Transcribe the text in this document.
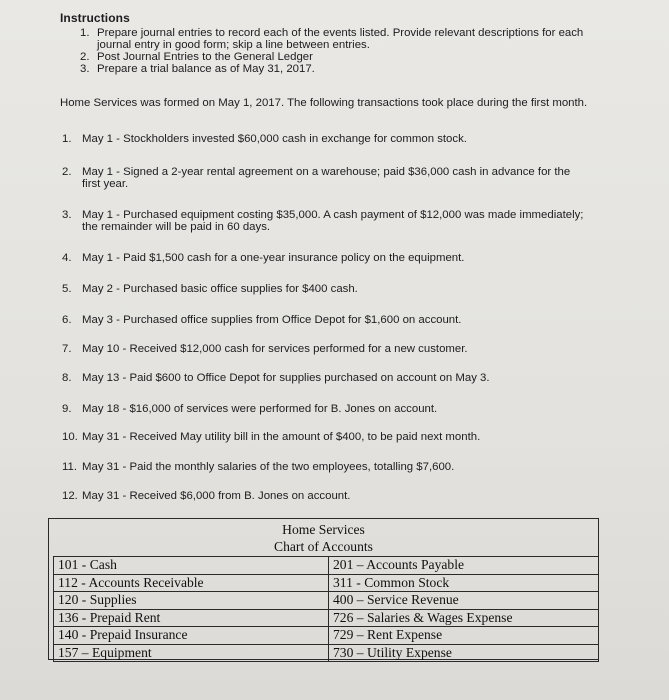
Instructions
1. Prepare journal entries to record each of the events listed. Provide relevant descriptions for each journal entry in good form; skip a line between entries.
2. Post Journal Entries to the General Ledger
3. Prepare a trial balance as of May 31, 2017.
Home Services was formed on May 1, 2017. The following transactions took place during the first month.
1. May 1 - Stockholders invested $60,000 cash in exchange for common stock.
2. May 1 - Signed a 2-year rental agreement on a warehouse; paid $36,000 cash in advance for the first year.
3. May 1 - Purchased equipment costing $35,000. A cash payment of $12,000 was made immediately; the remainder will be paid in 60 days.
4. May 1 - Paid $1,500 cash for a one-year insurance policy on the equipment.
5. May 2 - Purchased basic office supplies for $400 cash.
6. May 3 - Purchased office supplies from Office Depot for $1,600 on account.
7. May 10 - Received $12,000 cash for services performed for a new customer.
8. May 13 - Paid $600 to Office Depot for supplies purchased on account on May 3.
9. May 18 - $16,000 of services were performed for B. Jones on account.
10. May 31 - Received May utility bill in the amount of $400, to be paid next month.
11. May 31 - Paid the monthly salaries of the two employees, totalling $7,600.
12. May 31 - Received $6,000 from B. Jones on account.
Home Services
Chart of Accounts
101 - Cash	201 – Accounts Payable
112 - Accounts Receivable	311 - Common Stock
120 - Supplies	400 – Service Revenue
136 - Prepaid Rent	726 – Salaries & Wages Expense
140 - Prepaid Insurance	729 – Rent Expense
157 – Equipment	730 – Utility Expense
